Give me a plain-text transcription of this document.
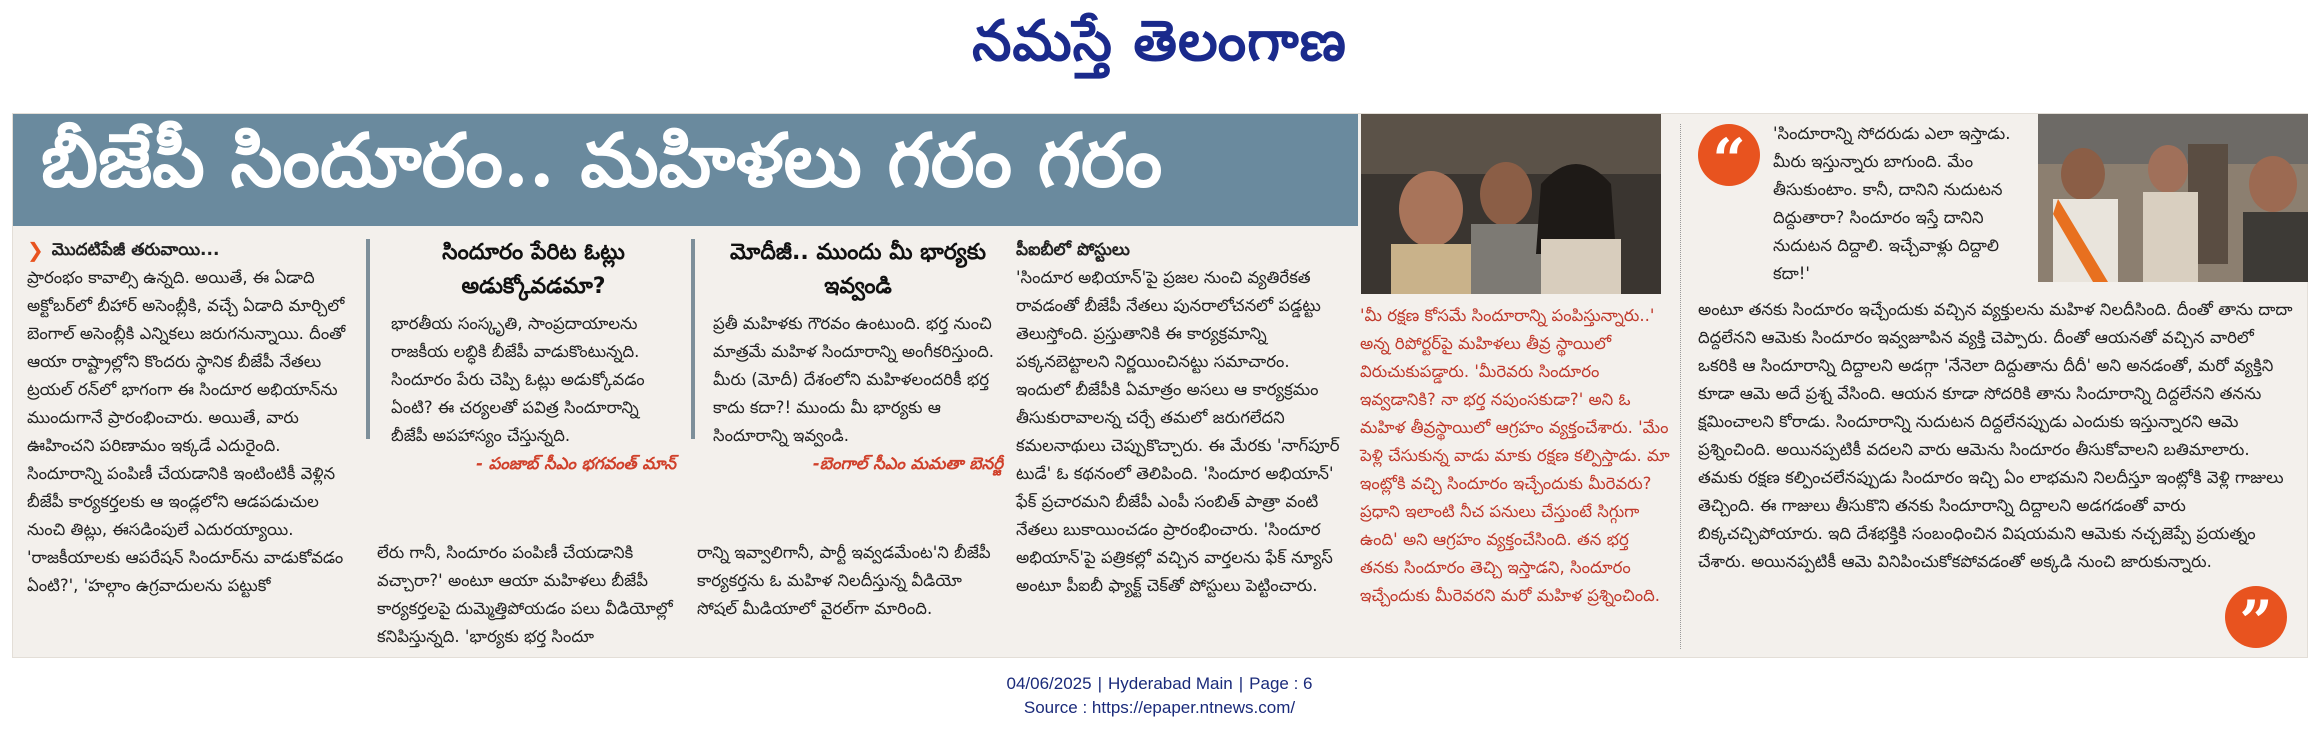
నమస్తే తెలంగాణ
బీజేపీ సిందూరం.. మహిళలు గరం గరం
❯ మొదటిపేజీ తరువాయి...

ప్రారంభం కావాల్సి ఉన్నది. అయితే, ఈ ఏడాది అక్టోబర్‌లో బీహార్ అసెంబ్లీకి, వచ్చే ఏడాది మార్చిలో బెంగాల్ అసెంబ్లీకి ఎన్నికలు జరుగనున్నాయి. దీంతో ఆయా రాష్ట్రాల్లోని కొందరు స్థానిక బీజేపీ నేతలు ట్రయల్ రన్‌లో భాగంగా ఈ సిందూర అభియాన్‌ను ముందుగానే ప్రారంభించారు. అయితే, వారు ఊహించని పరిణామం ఇక్కడే ఎదురైంది. సిందూరాన్ని పంపిణీ చేయడానికి ఇంటింటికీ వెళ్లిన బీజేపీ కార్యకర్తలకు ఆ ఇండ్లలోని ఆడపడుచుల నుంచి తిట్లు, ఈసడింపులే ఎదురయ్యాయి. 'రాజకీయాలకు ఆపరేషన్ సిందూర్‌ను వాడుకోవడం ఏంటి?', 'హల్గాం ఉగ్రవాదులను పట్టుకో

సిందూరం పేరిట ఓట్లు అడుక్కోవడమా?

భారతీయ సంస్కృతి, సాంప్రదాయాలను రాజకీయ లబ్ధికి బీజేపీ వాడుకొంటున్నది. సిందూరం పేరు చెప్పి ఓట్లు అడుక్కోవడం ఏంటి? ఈ చర్యలతో పవిత్ర సిందూరాన్ని బీజేపీ అపహాస్యం చేస్తున్నది.

- పంజాబ్ సీఎం భగవంత్ మాన్

మోదీజీ.. ముందు మీ భార్యకు ఇవ్వండి

ప్రతీ మహిళకు గౌరవం ఉంటుంది. భర్త నుంచి మాత్రమే మహిళ సిందూరాన్ని అంగీకరిస్తుంది. మీరు (మోదీ) దేశంలోని మహిళలందరికీ భర్త కాదు కదా?! ముందు మీ భార్యకు ఆ సిందూరాన్ని ఇవ్వండి.

-బెంగాల్ సీఎం మమతా బెనర్జీ

లేరు గానీ, సిందూరం పంపిణీ చేయడానికి వచ్చారా?' అంటూ ఆయా మహిళలు బీజేపీ కార్యకర్తలపై దుమ్మెత్తిపోయడం పలు వీడియోల్లో కనిపిస్తున్నది. 'భార్యకు భర్త సిందూ

రాన్ని ఇవ్వాలిగానీ, పార్టీ ఇవ్వడమేంట'ని బీజేపీ కార్యకర్తను ఓ మహిళ నిలదీస్తున్న వీడియో సోషల్ మీడియాలో వైరల్‌గా మారింది.

పీఐబీలో పోస్టులు

'సిందూర అభియాన్'పై ప్రజల నుంచి వ్యతిరేకత రావడంతో బీజేపీ నేతలు పునరాలోచనలో పడ్డట్టు తెలుస్తోంది. ప్రస్తుతానికి ఈ కార్యక్రమాన్ని పక్కనబెట్టాలని నిర్ణయించినట్టు సమాచారం. ఇందులో బీజేపీకి ఏమాత్రం అసలు ఆ కార్యక్రమం తీసుకురావాలన్న చర్చే తమలో జరుగలేదని కమలనాథులు చెప్పుకొచ్చారు. ఈ మేరకు 'నాగ్‌పూర్ టుడే' ఓ కథనంలో తెలిపింది. 'సిందూర అభియాన్' ఫేక్ ప్రచారమని బీజేపీ ఎంపీ సంబిత్ పాత్రా వంటి నేతలు బుకాయించడం ప్రారంభించారు. 'సిందూర అభియాన్'పై పత్రికల్లో వచ్చిన వార్తలను ఫేక్ న్యూస్ అంటూ పీఐబీ ఫ్యాక్ట్ చెక్‌తో పోస్టులు పెట్టించారు.

'మీ రక్షణ కోసమే సిందూరాన్ని పంపిస్తున్నారు..' అన్న రిపోర్టర్‌పై మహిళలు తీవ్ర స్థాయిలో విరుచుకుపడ్డారు. 'మీరెవరు సిందూరం ఇవ్వడానికి? నా భర్త నపుంసకుడా?' అని ఓ మహిళ తీవ్రస్థాయిలో ఆగ్రహం వ్యక్తంచేశారు. 'మేం పెళ్లి చేసుకున్న వాడు మాకు రక్షణ కల్పిస్తాడు. మా ఇంట్లోకి వచ్చి సిందూరం ఇచ్చేందుకు మీరెవరు? ప్రధాని ఇలాంటి నీచ పనులు చేస్తుంటే సిగ్గుగా ఉంది' అని ఆగ్రహం వ్యక్తంచేసింది. తన భర్త తనకు సిందూరం తెచ్చి ఇస్తాడని, సిందూరం ఇచ్చేందుకు మీరెవరని మరో మహిళ ప్రశ్నించింది.

“	'సిందూరాన్ని సోదరుడు ఎలా ఇస్తాడు. మీరు ఇస్తున్నారు బాగుంది. మేం తీసుకుంటాం. కానీ, దానిని నుదుటన దిద్దుతారా? సిందూరం ఇస్తే దానిని నుదుటన దిద్దాలి. ఇచ్చేవాళ్లు దిద్దాలి కదా!'

అంటూ తనకు సిందూరం ఇచ్చేందుకు వచ్చిన వ్యక్తులను మహిళ నిలదీసింది. దీంతో తాను దాదా దిద్దలేనని ఆమెకు సిందూరం ఇవ్వజూపిన వ్యక్తి చెప్పారు. దీంతో ఆయనతో వచ్చిన వారిలో ఒకరికి ఆ సిందూరాన్ని దిద్దాలని అడగ్గా 'నేనెలా దిద్దుతాను దీదీ' అని అనడంతో, మరో వ్యక్తిని కూడా ఆమె అదే ప్రశ్న వేసింది. ఆయన కూడా సోదరికి తాను సిందూరాన్ని దిద్దలేనని తనను క్షమించాలని కోరాడు. సిందూరాన్ని నుదుటన దిద్దలేనప్పుడు ఎందుకు ఇస్తున్నారని ఆమె ప్రశ్నించింది. అయినప్పటికీ వదలని వారు ఆమెను సిందూరం తీసుకోవాలని బతిమాలారు. తమకు రక్షణ కల్పించలేనప్పుడు సిందూరం ఇచ్చి ఏం లాభమని నిలదీస్తూ ఇంట్లోకి వెళ్లి గాజులు తెచ్చింది. ఈ గాజులు తీసుకొని తనకు సిందూరాన్ని దిద్దాలని అడగడంతో వారు బిక్కచచ్చిపోయారు. ఇది దేశభక్తికి సంబంధించిన విషయమని ఆమెకు నచ్చజెప్పే ప్రయత్నం చేశారు. అయినప్పటికీ ఆమె వినిపించుకోకపోవడంతో అక్కడి నుంచి జారుకున్నారు.

”
04/06/2025 | Hyderabad Main | Page : 6
Source : https://epaper.ntnews.com/
